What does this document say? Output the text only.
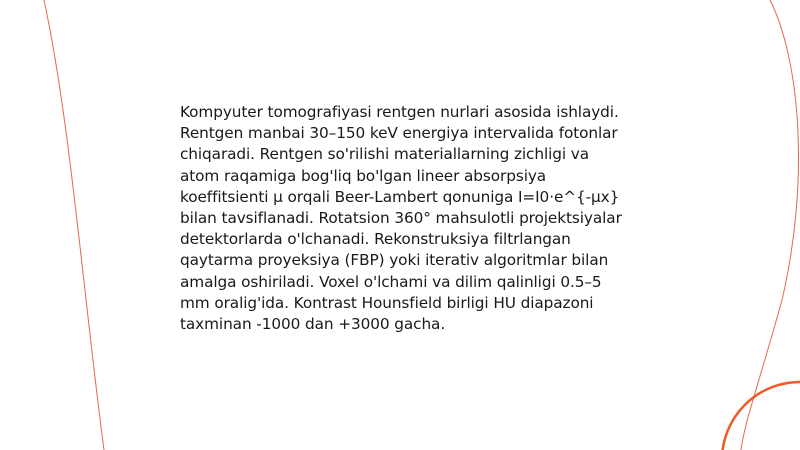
Kompyuter tomografiyasi rentgen nurlari asosida ishlaydi. Rentgen manbai 30–150 keV energiya intervalida fotonlar chiqaradi. Rentgen so'rilishi materiallarning zichligi va atom raqamiga bog'liq bo'lgan lineer absorpsiya koeffitsienti μ orqali Beer-Lambert qonuniga I=I0·e^{-μx} bilan tavsiflanadi. Rotatsion 360° mahsulotli projektsiyalar detektorlarda o'lchanadi. Rekonstruksiya filtrlangan qaytarma proyeksiya (FBP) yoki iterativ algoritmlar bilan amalga oshiriladi. Voxel o'lchami va dilim qalinligi 0.5–5 mm oralig'ida. Kontrast Hounsfield birligi HU diapazoni taxminan -1000 dan +3000 gacha.
